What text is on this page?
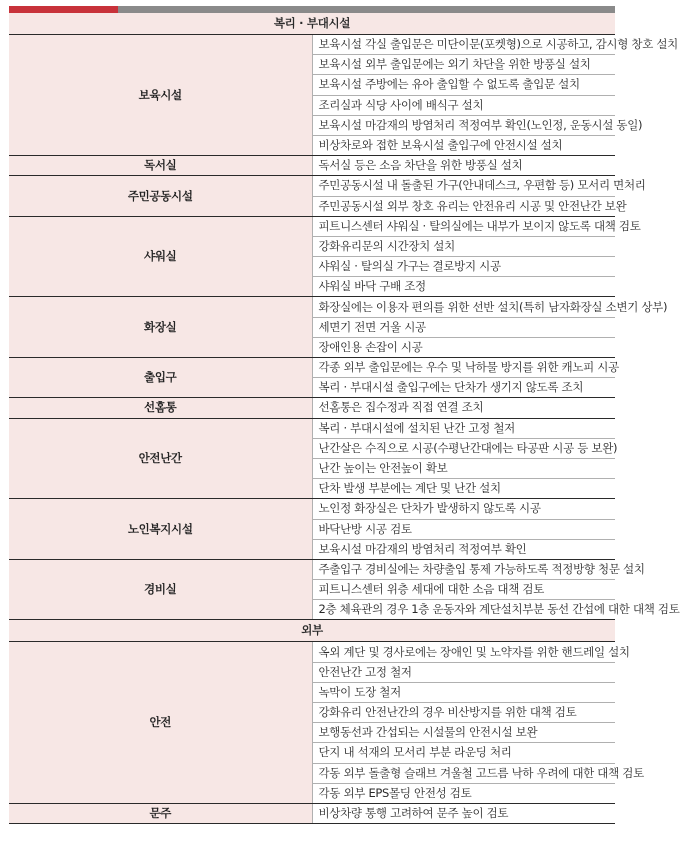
복리 · 부대시설	
보육시설	보육시설 각실 출입문은 미단이문(포켓형)으로 시공하고, 감시형 창호 설치
	보육시설 외부 출입문에는 외기 차단을 위한 방풍실 설치
	보육시설 주방에는 유아 출입할 수 없도록 출입문 설치
	조리실과 식당 사이에 배식구 설치
	보육시설 마감재의 방염처리 적정여부 확인(노인정, 운동시설 동일)
	비상차로와 접한 보육시설 출입구에 안전시설 설치
독서실	독서실 등은 소음 차단을 위한 방풍실 설치
주민공동시설	주민공동시설 내 돌출된 가구(안내데스크, 우편함 등) 모서리 면처리
	주민공동시설 외부 창호 유리는 안전유리 시공 및 안전난간 보완
샤워실	피트니스센터 샤워실 · 탈의실에는 내부가 보이지 않도록 대책 검토
	강화유리문의 시간장치 설치
	샤워실 · 탈의실 가구는 결로방지 시공
	샤워실 바닥 구배 조정
화장실	화장실에는 이용자 편의를 위한 선반 설치(특히 남자화장실 소변기 상부)
	세면기 전면 거울 시공
	장애인용 손잡이 시공
출입구	각종 외부 출입문에는 우수 및 낙하물 방지를 위한 캐노피 시공
	복리 · 부대시설 출입구에는 단차가 생기지 않도록 조치
선홈통	선홈통은 집수정과 직접 연결 조치
안전난간	복리 · 부대시설에 설치된 난간 고정 철저
	난간살은 수직으로 시공(수평난간대에는 타공판 시공 등 보완)
	난간 높이는 안전높이 확보
	단차 발생 부분에는 계단 및 난간 설치
노인복지시설	노인정 화장실은 단차가 발생하지 않도록 시공
	바닥난방 시공 검토
	보육시설 마감재의 방염처리 적정여부 확인
경비실	주출입구 경비실에는 차량출입 통제 가능하도록 적정방향 청문 설치
	피트니스센터 위층 세대에 대한 소음 대책 검토
	2층 체육관의 경우 1층 운동자와 계단설치부분 동선 간섭에 대한 대책 검토
외부	
안전	옥외 계단 및 경사로에는 장애인 및 노약자를 위한 핸드레일 설치
	안전난간 고정 철저
	녹막이 도장 철저
	강화유리 안전난간의 경우 비산방지를 위한 대책 검토
	보행동선과 간섭되는 시설물의 안전시설 보완
	단지 내 석재의 모서리 부분 라운딩 처리
	각동 외부 돌출형 슬래브 겨울철 고드름 낙하 우려에 대한 대책 검토
	각동 외부 EPS몰딩 안전성 검토
문주	비상차량 통행 고려하여 문주 높이 검토
